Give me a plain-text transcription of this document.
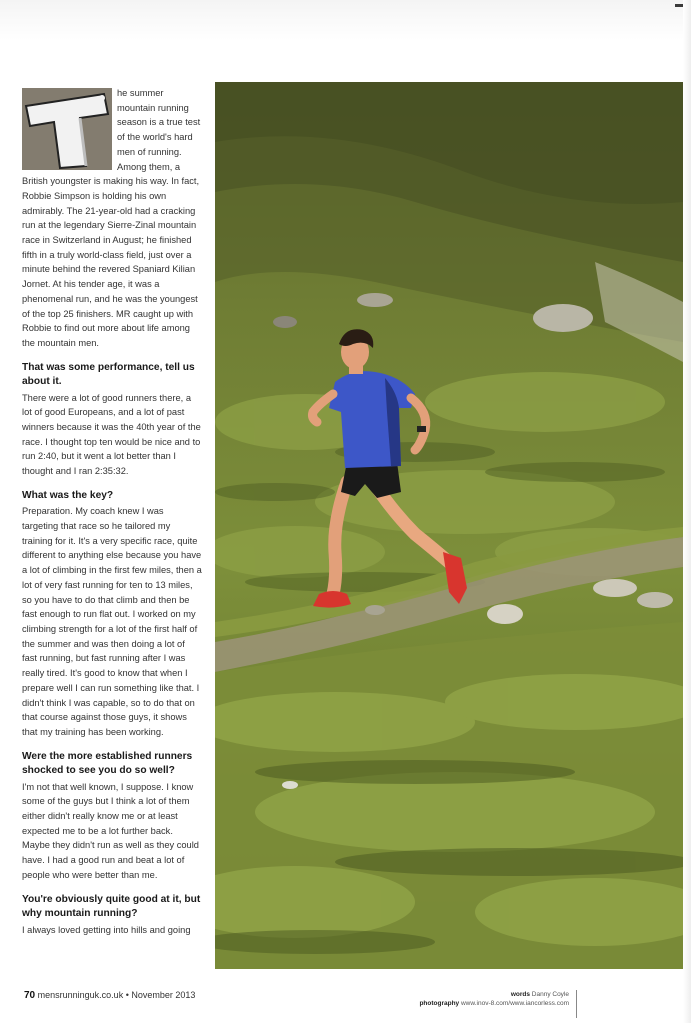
he summer mountain running season is a true test of the world's hard men of running. Among them, a British youngster is making his way. In fact, Robbie Simpson is holding his own admirably. The 21-year-old had a cracking run at the legendary Sierre-Zinal mountain race in Switzerland in August; he finished fifth in a truly world-class field, just over a minute behind the revered Spaniard Kilian Jornet. At his tender age, it was a phenomenal run, and he was the youngest of the top 25 finishers. MR caught up with Robbie to find out more about life among the mountain men.

That was some performance, tell us about it.

There were a lot of good runners there, a lot of good Europeans, and a lot of past winners because it was the 40th year of the race. I thought top ten would be nice and to run 2:40, but it went a lot better than I thought and I ran 2:35:32.

What was the key?

Preparation. My coach knew I was targeting that race so he tailored my training for it. It's a very specific race, quite different to anything else because you have a lot of climbing in the first few miles, then a lot of very fast running for ten to 13 miles, so you have to do that climb and then be fast enough to run flat out. I worked on my climbing strength for a lot of the first half of the summer and was then doing a lot of fast running, but fast running after I was really tired. It's good to know that when I prepare well I can run something like that. I didn't think I was capable, so to do that on that course against those guys, it shows that my training has been working.

Were the more established runners shocked to see you do so well?

I'm not that well known, I suppose. I know some of the guys but I think a lot of them either didn't really know me or at least expected me to be a lot further back. Maybe they didn't run as well as they could have. I had a good run and beat a lot of people who were better than me.

You're obviously quite good at it, but why mountain running?

I always loved getting into hills and going

70 mensrunninguk.co.uk • November 2013	words Danny Coyle
photography www.inov-8.com/www.iancorless.com
